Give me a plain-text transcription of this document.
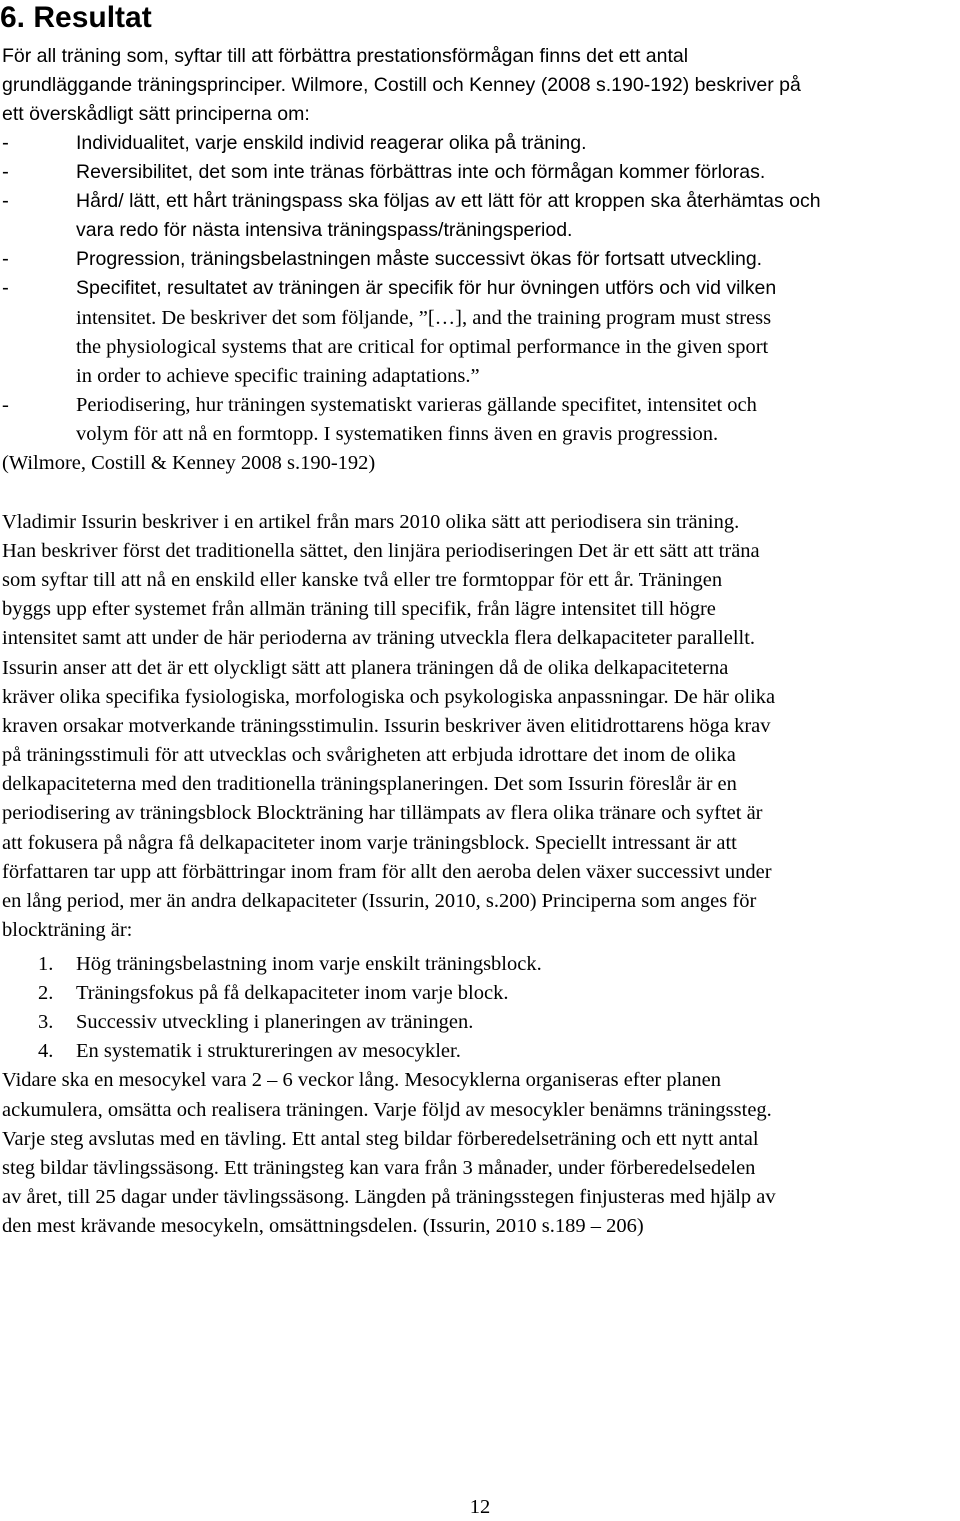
6. Resultat
För all träning som, syftar till att förbättra prestationsförmågan finns det ett antal
grundläggande träningsprinciper. Wilmore, Costill och Kenney (2008 s.190-192) beskriver på
ett överskådligt sätt principerna om:
-	Individualitet, varje enskild individ reagerar olika på träning.
-	Reversibilitet, det som inte tränas förbättras inte och förmågan kommer förloras.
-	Hård/ lätt, ett hårt träningspass ska följas av ett lätt för att kroppen ska återhämtas och
vara redo för nästa intensiva träningspass/träningsperiod.
-	Progression, träningsbelastningen måste successivt ökas för fortsatt utveckling.
-	Specifitet, resultatet av träningen är specifik för hur övningen utförs och vid vilken
intensitet. De beskriver det som följande, ”[…], and the training program must stress
the physiological systems that are critical for optimal performance in the given sport
in order to achieve specific training adaptations.”
-	Periodisering, hur träningen systematiskt varieras gällande specifitet, intensitet och
volym för att nå en formtopp. I systematiken finns även en gravis progression.
(Wilmore, Costill & Kenney 2008 s.190-192)
Vladimir Issurin beskriver i en artikel från mars 2010 olika sätt att periodisera sin träning.
Han beskriver först det traditionella sättet, den linjära periodiseringen Det är ett sätt att träna
som syftar till att nå en enskild eller kanske två eller tre formtoppar för ett år. Träningen
byggs upp efter systemet från allmän träning till specifik, från lägre intensitet till högre
intensitet samt att under de här perioderna av träning utveckla flera delkapaciteter parallellt.
Issurin anser att det är ett olyckligt sätt att planera träningen då de olika delkapaciteterna
kräver olika specifika fysiologiska, morfologiska och psykologiska anpassningar. De här olika
kraven orsakar motverkande träningsstimulin. Issurin beskriver även elitidrottarens höga krav
på träningsstimuli för att utvecklas och svårigheten att erbjuda idrottare det inom de olika
delkapaciteterna med den traditionella träningsplaneringen. Det som Issurin föreslår är en
periodisering av träningsblock Blockträning har tillämpats av flera olika tränare och syftet är
att fokusera på några få delkapaciteter inom varje träningsblock. Speciellt intressant är att
författaren tar upp att förbättringar inom fram för allt den aeroba delen växer successivt under
en lång period, mer än andra delkapaciteter (Issurin, 2010, s.200) Principerna som anges för
blockträning är:
1. Hög träningsbelastning inom varje enskilt träningsblock.
2. Träningsfokus på få delkapaciteter inom varje block.
3. Successiv utveckling i planeringen av träningen.
4. En systematik i struktureringen av mesocykler.
Vidare ska en mesocykel vara 2 – 6 veckor lång. Mesocyklerna organiseras efter planen
ackumulera, omsätta och realisera träningen. Varje följd av mesocykler benämns träningssteg.
Varje steg avslutas med en tävling. Ett antal steg bildar förberedelseträning och ett nytt antal
steg bildar tävlingssäsong. Ett träningsteg kan vara från 3 månader, under förberedelsedelen
av året, till 25 dagar under tävlingssäsong. Längden på träningsstegen finjusteras med hjälp av
den mest krävande mesocykeln, omsättningsdelen. (Issurin, 2010 s.189 – 206)
12
